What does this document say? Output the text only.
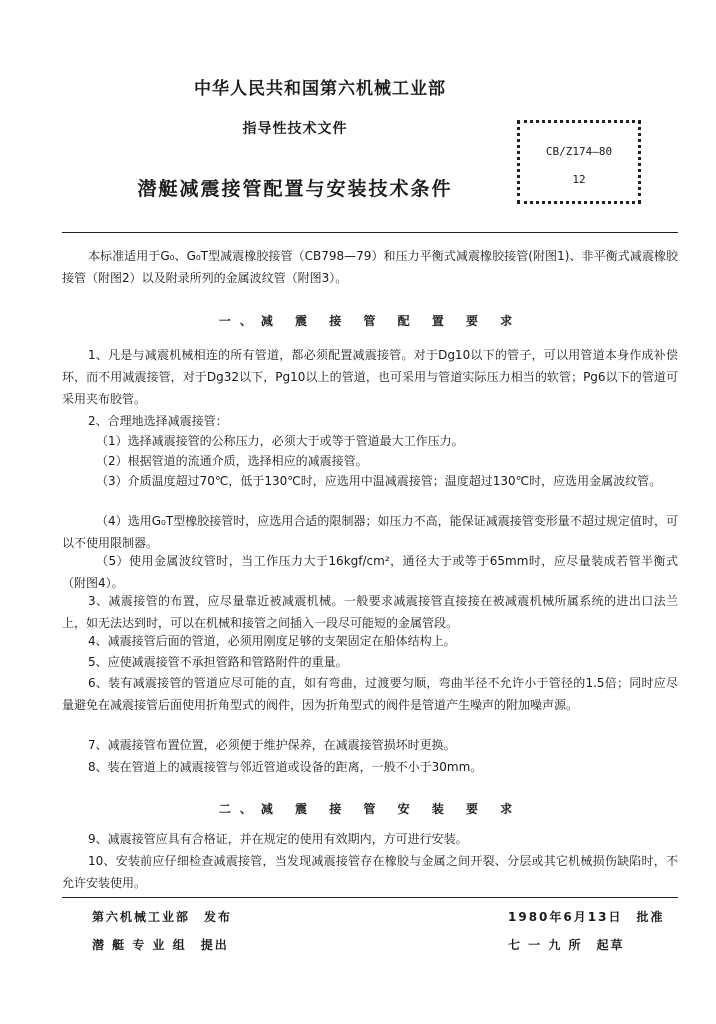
中华人民共和国第六机械工业部
指导性技术文件
潜艇减震接管配置与安装技术条件
CB/Z174—80
12

本标准适用于G₀、G₀T型减震橡胶接管（CB798—79）和压力平衡式减震橡胶接管(附图1)、非平衡式减震橡胶接管（附图2）以及附录所列的金属波纹管（附图3）。

一、减 震 接 管 配 置 要 求

1、凡是与减震机械相连的所有管道，都必须配置减震接管。对于Dg10以下的管子，可以用管道本身作成补偿环，而不用减震接管，对于Dg32以下，Pg10以上的管道，也可采用与管道实际压力相当的软管；Pg6以下的管道可采用夹布胶管。

2、合理地选择减震接管：

（1）选择减震接管的公称压力，必须大于或等于管道最大工作压力。

（2）根据管道的流通介质，选择相应的减震接管。

（3）介质温度超过70℃，低于130℃时，应选用中温减震接管；温度超过130℃时，应选用金属波纹管。

（4）选用G₀T型橡胶接管时，应选用合适的限制器；如压力不高，能保证减震接管变形量不超过规定值时，可以不使用限制器。

（5）使用金属波纹管时，当工作压力大于16kgf/cm²，通径大于或等于65mm时，应尽量装成若管半衡式（附图4）。

3、减震接管的布置，应尽量靠近被减震机械。一般要求减震接管直接接在被减震机械所属系统的进出口法兰上，如无法达到时，可以在机械和接管之间插入一段尽可能短的金属管段。

4、减震接管后面的管道，必须用刚度足够的支架固定在船体结构上。

5、应使减震接管不承担管路和管路附件的重量。

6、装有减震接管的管道应尽可能的直，如有弯曲，过渡要匀顺，弯曲半径不允许小于管径的1.5倍；同时应尽量避免在减震接管后面使用折角型式的阀件，因为折角型式的阀件是管道产生噪声的附加噪声源。

7、减震接管布置位置，必须便于维护保养，在减震接管损坏时更换。

8、装在管道上的减震接管与邻近管道或设备的距离，一般不小于30mm。

二、减 震 接 管 安 装 要 求

9、减震接管应具有合格证，并在规定的使用有效期内，方可进行安装。

10、安装前应仔细检查减震接管，当发现减震接管存在橡胶与金属之间开裂、分层或其它机械损伤缺陷时，不允许安装使用。

第六机械工业部　发布	1980年6月13日　批准
潜 艇 专 业 组　提出	七 一 九 所　起草
